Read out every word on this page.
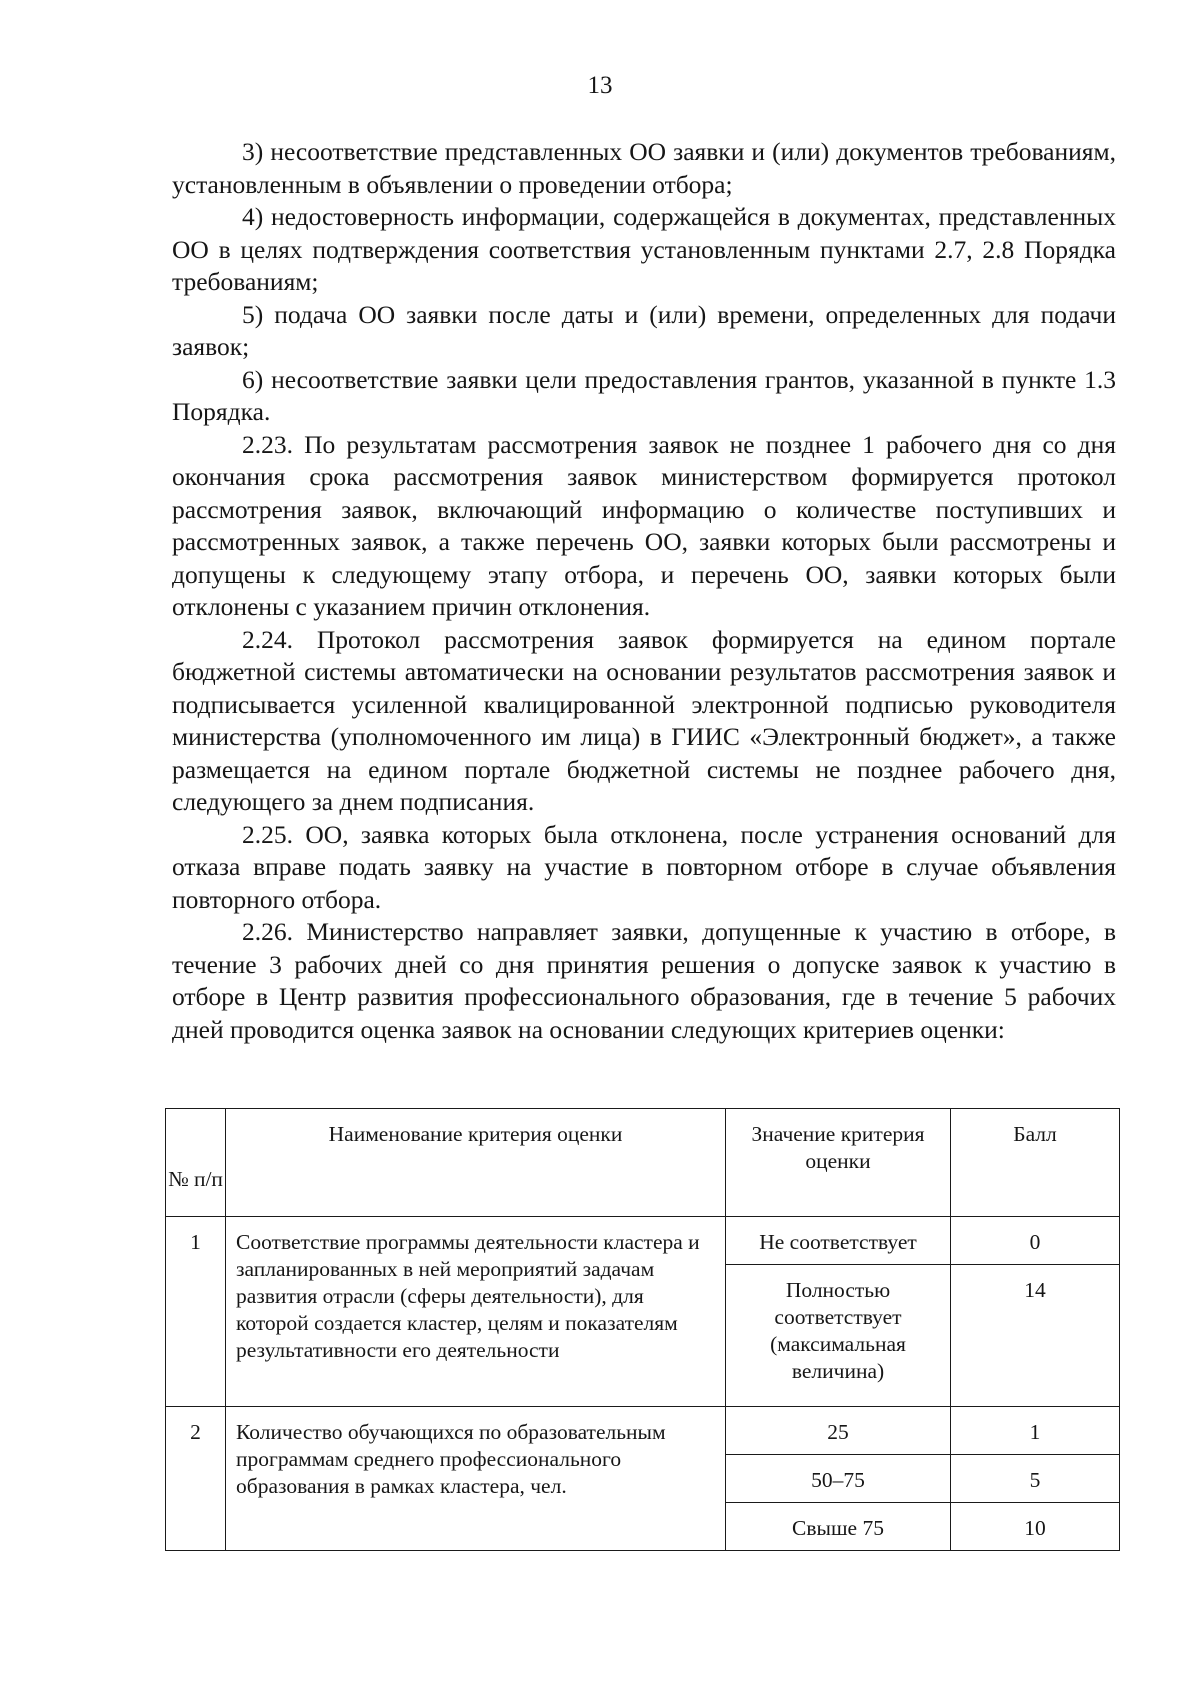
13

3) несоответствие представленных ОО заявки и (или) документов требованиям, установленным в объявлении о проведении отбора;

4) недостоверность информации, содержащейся в документах, представленных ОО в целях подтверждения соответствия установленным пунктами 2.7, 2.8 Порядка требованиям;

5) подача ОО заявки после даты и (или) времени, определенных для подачи заявок;

6) несоответствие заявки цели предоставления грантов, указанной в пункте 1.3 Порядка.

2.23. По результатам рассмотрения заявок не позднее 1 рабочего дня со дня окончания срока рассмотрения заявок министерством формируется протокол рассмотрения заявок, включающий информацию о количестве поступивших и рассмотренных заявок, а также перечень ОО, заявки которых были рассмотрены и допущены к следующему этапу отбора, и перечень ОО, заявки которых были отклонены с указанием причин отклонения.

2.24. Протокол рассмотрения заявок формируется на едином портале бюджетной системы автоматически на основании результатов рассмотрения заявок и подписывается усиленной квалицированной электронной подписью руководителя министерства (уполномоченного им лица) в ГИИС «Электронный бюджет», а также размещается на едином портале бюджетной системы не позднее рабочего дня, следующего за днем подписания.

2.25. ОО, заявка которых была отклонена, после устранения оснований для отказа вправе подать заявку на участие в повторном отборе в случае объявления повторного отбора.

2.26. Министерство направляет заявки, допущенные к участию в отборе, в течение 3 рабочих дней со дня принятия решения о допуске заявок к участию в отборе в Центр развития профессионального образования, где в течение 5 рабочих дней проводится оценка заявок на основании следующих критериев оценки:

№ п/п	Наименование критерия оценки	Значение критерия оценки	Балл
1	Соответствие программы деятельности кластера и запланированных в ней мероприятий задачам развития отрасли (сферы деятельности), для которой создается кластер, целям и показателям результативности его деятельности	Не соответствует	0
		Полностью соответствует (максимальная величина)	14
2	Количество обучающихся по образовательным программам среднего профессионального образования в рамках кластера, чел.	25	1
		50–75	5
		Свыше 75	10
